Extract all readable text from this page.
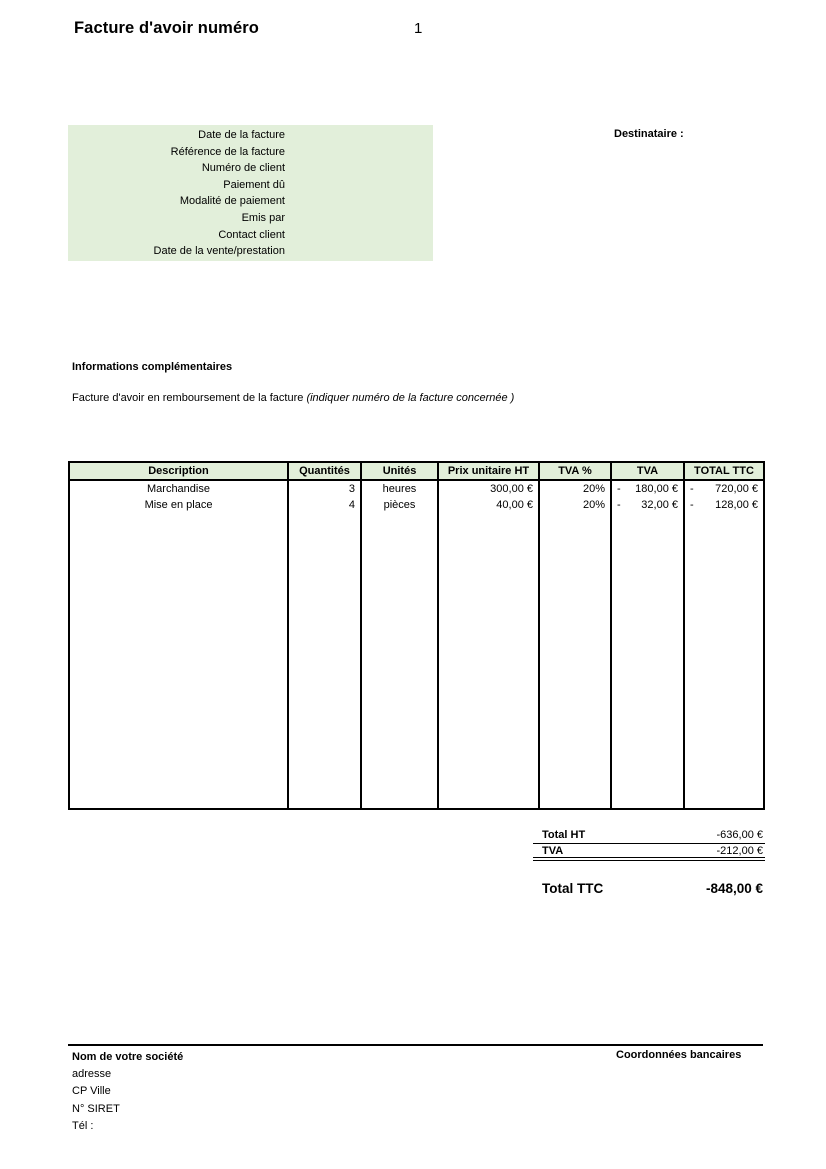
Facture d'avoir numéro	1
Date de la facture
Référence de la facture
Numéro de client
Paiement dû
Modalité de paiement
Emis par
Contact client
Date de la vente/prestation
Destinataire :
Informations complémentaires
Facture d'avoir en remboursement de la facture (indiquer numéro de la facture concernée )
Description	Quantités	Unités	Prix unitaire HT	TVA %	TVA	TOTAL TTC
Marchandise	3	heures	300,00 €	20%	- 180,00 €	- 720,00 €

Mise en place	4	pièces	40,00 €	20%	- 32,00 €	- 128,00 €

Total HT	-636,00 €
TVA	-212,00 €
Total TTC	-848,00 €
Nom de votre société
adresse
CP Ville
N° SIRET
Tél :
Coordonnées bancaires
